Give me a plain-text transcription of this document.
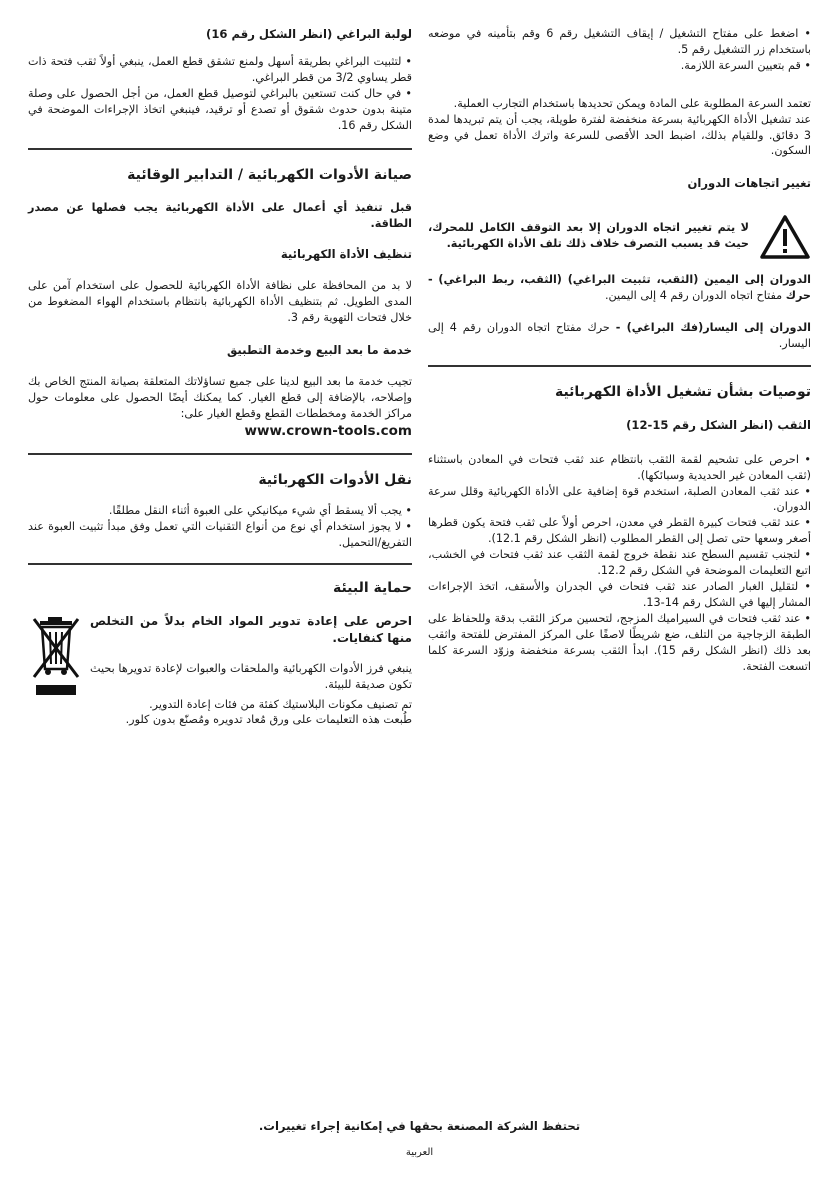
• اضغط على مفتاح التشغيل / إيقاف التشغيل رقم 6 وقم بتأمينه في موضعه باستخدام زر التشغيل رقم 5.

• قم بتعيين السرعة اللازمة.

تعتمد السرعة المطلوبة على المادة ويمكن تحديدها باستخدام التجارب العملية.

عند تشغيل الأداة الكهربائية بسرعة منخفضة لفترة طويلة، يجب أن يتم تبريدها لمدة 3 دقائق. وللقيام بذلك، اضبط الحد الأقصى للسرعة واترك الأداة تعمل في وضع السكون.

تغيير اتجاهات الدوران

لا يتم تغيير اتجاه الدوران إلا بعد التوقف الكامل للمحرك، حيث قد يسبب التصرف خلاف ذلك تلف الأداة الكهربائية.

الدوران إلى اليمين (الثقب، تثبيت البراغي) (الثقب، ربط البراغي) - حرك مفتاح اتجاه الدوران رقم 4 إلى اليمين.

الدوران إلى اليسار(فك البراغي) - حرك مفتاح اتجاه الدوران رقم 4 إلى اليسار.

توصيات بشأن تشغيل الأداة الكهربائية

الثقب (انظر الشكل رقم 15-12)

• احرص على تشحيم لقمة الثقب بانتظام عند ثقب فتحات في المعادن باستثناء (ثقب المعادن غير الحديدية وسبائكها).

• عند ثقب المعادن الصلبة، استخدم قوة إضافية على الأداة الكهربائية وقلل سرعة الدوران.

• عند ثقب فتحات كبيرة القطر في معدن، احرص أولاً على ثقب فتحة يكون قطرها أصغر وسعها حتى تصل إلى القطر المطلوب (انظر الشكل رقم 12.1).

• لتجنب تقسيم السطح عند نقطة خروج لقمة الثقب عند ثقب فتحات في الخشب، اتبع التعليمات الموضحة في الشكل رقم 12.2.

• لتقليل الغبار الصادر عند ثقب فتحات في الجدران والأسقف، اتخذ الإجراءات المشار إليها في الشكل رقم 14-13.

• عند ثقب فتحات في السيراميك المزجج، لتحسين مركز الثقب بدقة وللحفاظ على الطبقة الزجاجية من التلف، ضع شريطًا لاصقًا على المركز المفترض للفتحة واثقب بعد ذلك (انظر الشكل رقم 15). ابدأ الثقب بسرعة منخفضة وزوّد السرعة كلما اتسعت الفتحة.

لولبة البراغي (انظر الشكل رقم 16)

• لتثبيت البراغي بطريقة أسهل ولمنع تشقق قطع العمل، ينبغي أولاً ثقب فتحة ذات قطر يساوي 3/2 من قطر البراغي.

• في حال كنت تستعين بالبراغي لتوصيل قطع العمل، من أجل الحصول على وصلة متينة بدون حدوث شقوق أو تصدع أو ترقيد، فينبغي اتخاذ الإجراءات الموضحة في الشكل رقم 16.

صيانة الأدوات الكهربائية / التدابير الوقائية

قبل تنفيذ أي أعمال على الأداة الكهربائية يجب فصلها عن مصدر الطاقة.

تنظيف الأداة الكهربائية

لا بد من المحافظة على نظافة الأداة الكهربائية للحصول على استخدام آمن على المدى الطويل. ثم بتنظيف الأداة الكهربائية بانتظام باستخدام الهواء المضغوط من خلال فتحات التهوية رقم 3.

خدمة ما بعد البيع وخدمة التطبيق

تجيب خدمة ما بعد البيع لدينا على جميع تساؤلاتك المتعلقة بصيانة المنتج الخاص بك وإصلاحه، بالإضافة إلى قطع الغيار. كما يمكنك أيضًا الحصول على معلومات حول مراكز الخدمة ومخططات القطع وقطع الغيار على:

www.crown-tools.com

نقل الأدوات الكهربائية

• يجب ألا يسقط أي شيء ميكانيكي على العبوة أثناء النقل مطلقًا.

• لا يجوز استخدام أي نوع من أنواع التقنيات التي تعمل وفق مبدأ تثبيت العبوة عند التفريغ/التحميل.

حماية البيئة

احرص على إعادة تدوير المواد الخام بدلاً من التخلص منها كنفايات.

ينبغي فرز الأدوات الكهربائية والملحقات والعبوات لإعادة تدويرها بحيث تكون صديقة للبيئة.

تم تصنيف مكونات البلاستيك كفئة من فئات إعادة التدوير.

طُبعت هذه التعليمات على ورق مُعاد تدويره ومُصنّع بدون كلور.

تحتفظ الشركة المصنعة بحقها في إمكانية إجراء تغييرات.
العربية
